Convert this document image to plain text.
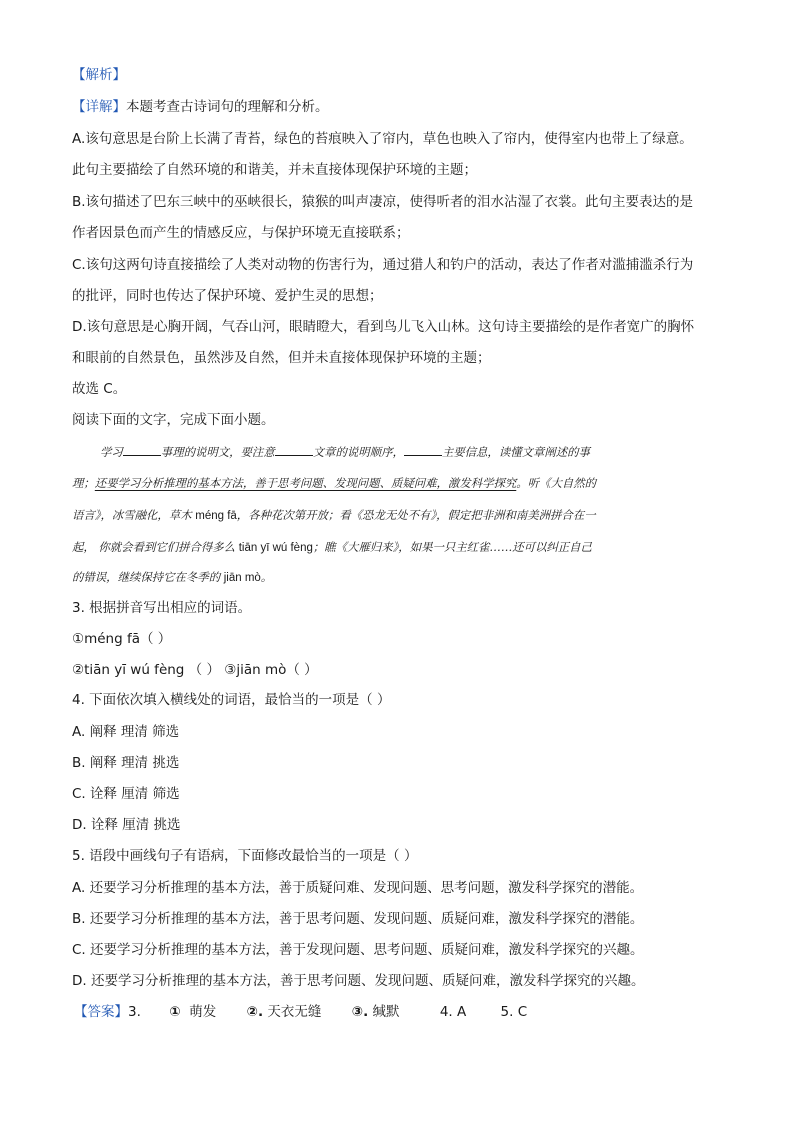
【解析】
【详解】本题考查古诗词句的理解和分析。
A.该句意思是台阶上长满了青苔，绿色的苔痕映入了帘内，草色也映入了帘内，使得室内也带上了绿意。
此句主要描绘了自然环境的和谐美，并未直接体现保护环境的主题；
B.该句描述了巴东三峡中的巫峡很长，猿猴的叫声凄凉，使得听者的泪水沾湿了衣裳。此句主要表达的是
作者因景色而产生的情感反应，与保护环境无直接联系；
C.该句这两句诗直接描绘了人类对动物的伤害行为，通过猎人和钓户的活动，表达了作者对滥捕滥杀行为
的批评，同时也传达了保护环境、爱护生灵的思想；
D.该句意思是心胸开阔，气吞山河，眼睛瞪大，看到鸟儿飞入山林。这句诗主要描绘的是作者宽广的胸怀
和眼前的自然景色，虽然涉及自然，但并未直接体现保护环境的主题；
故选 C。
阅读下面的文字，完成下面小题。
学习	事理的说明文，要注意	文章的说明顺序，	主要信息，读懂文章阐述的事
理；还要学习分析推理的基本方法，善于思考问题、发现问题、质疑问难，激发科学探究。听《大自然的
语言》，冰雪融化，草木 méng fā，各种花次第开放；看《恐龙无处不有》，假定把非洲和南美洲拼合在一
起， 你就会看到它们拼合得多么 tiān yī wú fèng；瞧《大雁归来》，如果一只主红雀……还可以纠正自己
的错误，继续保持它在冬季的 jiān mò。
3. 根据拼音写出相应的词语。
①méng fā（ ）
②tiān yī wú fèng （ ） ③jiān mò（ ）
4. 下面依次填入横线处的词语，最恰当的一项是（ ）
A. 阐释 理清 筛选
B. 阐释 理清 挑选
C. 诠释 厘清 筛选
D. 诠释 厘清 挑选
5. 语段中画线句子有语病，下面修改最恰当的一项是（ ）
A. 还要学习分析推理的基本方法，善于质疑问难、发现问题、思考问题，激发科学探究的潜能。
B. 还要学习分析推理的基本方法，善于思考问题、发现问题、质疑问难，激发科学探究的潜能。
C. 还要学习分析推理的基本方法，善于发现问题、思考问题、质疑问难，激发科学探究的兴趣。
D. 还要学习分析推理的基本方法，善于思考问题、发现问题、质疑问难，激发科学探究的兴趣。
【答案】3. ① 萌发 ②. 天衣无缝 ③. 缄默	4. A	5. C
